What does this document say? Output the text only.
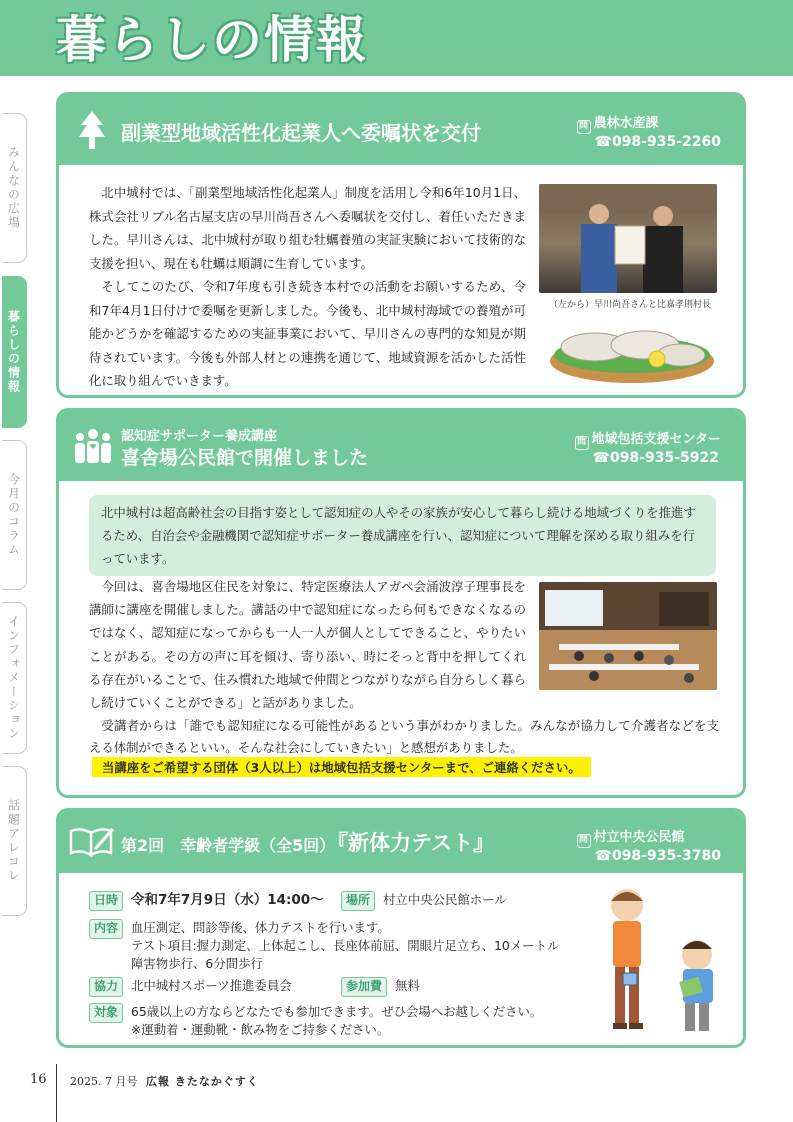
暮らしの情報
みんなの広場
暮らしの情報
今月のコラム
インフォメーション
話題アレコレ
副業型地域活性化起業人へ委嘱状を交付	問 農林水産課
☎098-935-2260

北中城村では、「副業型地域活性化起業人」制度を活用し令和6年10月1日、株式会社リブル名古屋支店の早川尚吾さんへ委嘱状を交付し、着任いただきました。早川さんは、北中城村が取り組む牡蠣養殖の実証実験において技術的な支援を担い、現在も牡蠣は順調に生育しています。

そしてこのたび、令和7年度も引き続き本村での活動をお願いするため、令和7年4月1日付けで委嘱を更新しました。今後も、北中城村海域での養殖が可能かどうかを確認するための実証事業において、早川さんの専門的な知見が期待されています。今後も外部人材との連携を通じて、地域資源を活かした活性化に取り組んでいきます。

（左から）早川尚吾さんと比嘉孝則村長
認知症サポーター養成講座
喜舎場公民館で開催しました
問 地域包括支援センター
☎098-935-5922
北中城村は超高齢社会の目指す姿として認知症の人やその家族が安心して暮らし続ける地域づくりを推進するため、自治会や金融機関で認知症サポーター養成講座を行い、認知症について理解を深める取り組みを行っています。

今回は、喜舎場地区住民を対象に、特定医療法人アガペ会涌波淳子理事長を講師に講座を開催しました。講話の中で認知症になったら何もできなくなるのではなく、認知症になってからも一人一人が個人としてできること、やりたいことがある。その方の声に耳を傾け、寄り添い、時にそっと背中を押してくれる存在がいることで、住み慣れた地域で仲間とつながりながら自分らしく暮らし続けていくことができる」と話がありました。

受講者からは「誰でも認知症になる可能性があるという事がわかりました。みんなが協力して介護者などを支える体制ができるといい。そんな社会にしていきたい」と感想がありました。

当講座をご希望する団体（3人以上）は地域包括支援センターまで、ご連絡ください。
第2回　幸齢者学級（全5回）
『新体力テスト』	問 村立中央公民館
☎098-935-3780
日時 令和7年7月9日（水）14:00〜	場所	村立中央公民館ホール
内容	血圧測定、問診等後、体力テストを行います。
テスト項目:握力測定、上体起こし、長座体前屈、開眼片足立ち、10メートル
障害物歩行、6分間歩行
協力	北中城村スポーツ推進委員会	参加費	無料
対象	65歳以上の方ならどなたでも参加できます。ぜひ会場へお越しください。
※運動着・運動靴・飲み物をご持参ください。
16 2025. 7 月号 広報 きたなかぐすく
